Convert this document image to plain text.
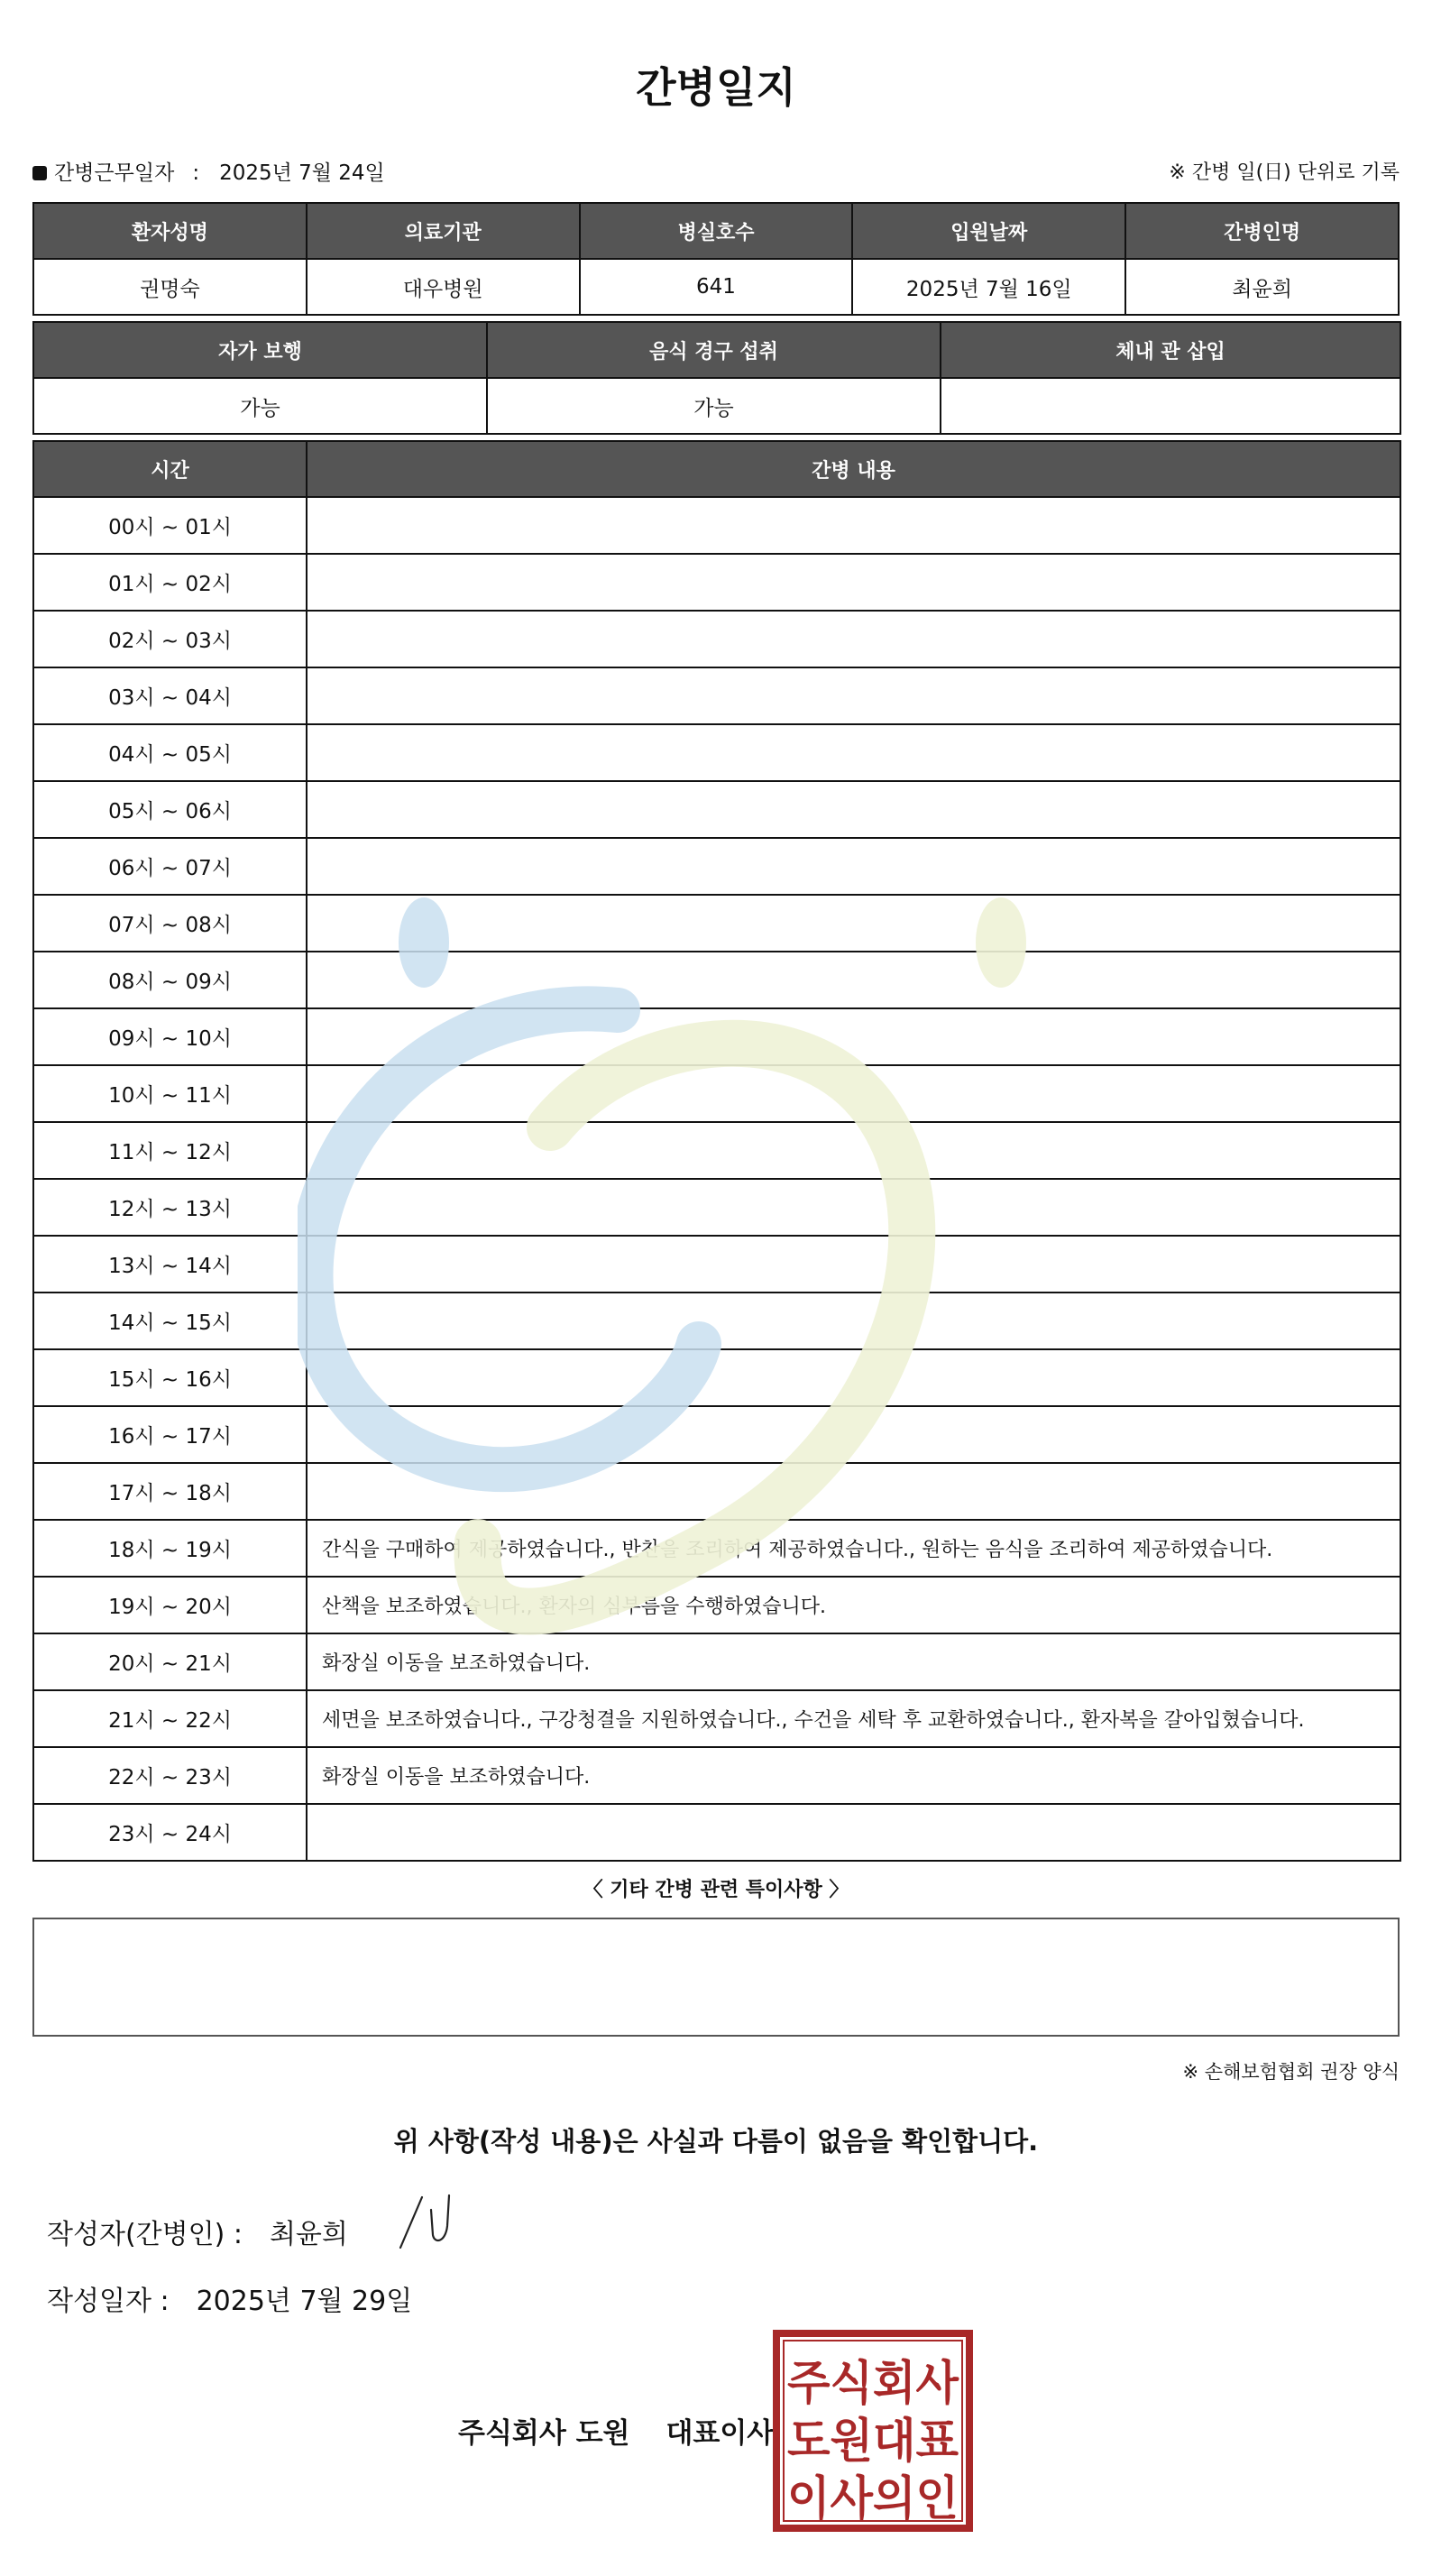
간병일지
간병근무일자 : 2025년 7월 24일	※ 간병 일(日) 단위로 기록
환자성명	의료기관	병실호수	입원날짜	간병인명
권명숙	대우병원	641	2025년 7월 16일	최윤희
자가 보행	음식 경구 섭취	체내 관 삽입
가능	가능	
시간	간병 내용
00시 ~ 01시	
01시 ~ 02시	
02시 ~ 03시	
03시 ~ 04시	
04시 ~ 05시	
05시 ~ 06시	
06시 ~ 07시	
07시 ~ 08시	
08시 ~ 09시	
09시 ~ 10시	
10시 ~ 11시	
11시 ~ 12시	
12시 ~ 13시	
13시 ~ 14시	
14시 ~ 15시	
15시 ~ 16시	
16시 ~ 17시	
17시 ~ 18시	
18시 ~ 19시	간식을 구매하여 제공하였습니다., 반찬을 조리하여 제공하였습니다., 원하는 음식을 조리하여 제공하였습니다.
19시 ~ 20시	산책을 보조하였습니다., 환자의 심부름을 수행하였습니다.
20시 ~ 21시	화장실 이동을 보조하였습니다.
21시 ~ 22시	세면을 보조하였습니다., 구강청결을 지원하였습니다., 수건을 세탁 후 교환하였습니다., 환자복을 갈아입혔습니다.
22시 ~ 23시	화장실 이동을 보조하였습니다.
23시 ~ 24시	
〈 기타 간병 관련 특이사항 〉
※ 손해보험협회 권장 양식
위 사항(작성 내용)은 사실과 다름이 없음을 확인합니다.
작성자(간병인) : 최윤희
작성일자 : 2025년 7월 29일
주식회사 도원 대표이사
주식회사
도원대표
이사의인
